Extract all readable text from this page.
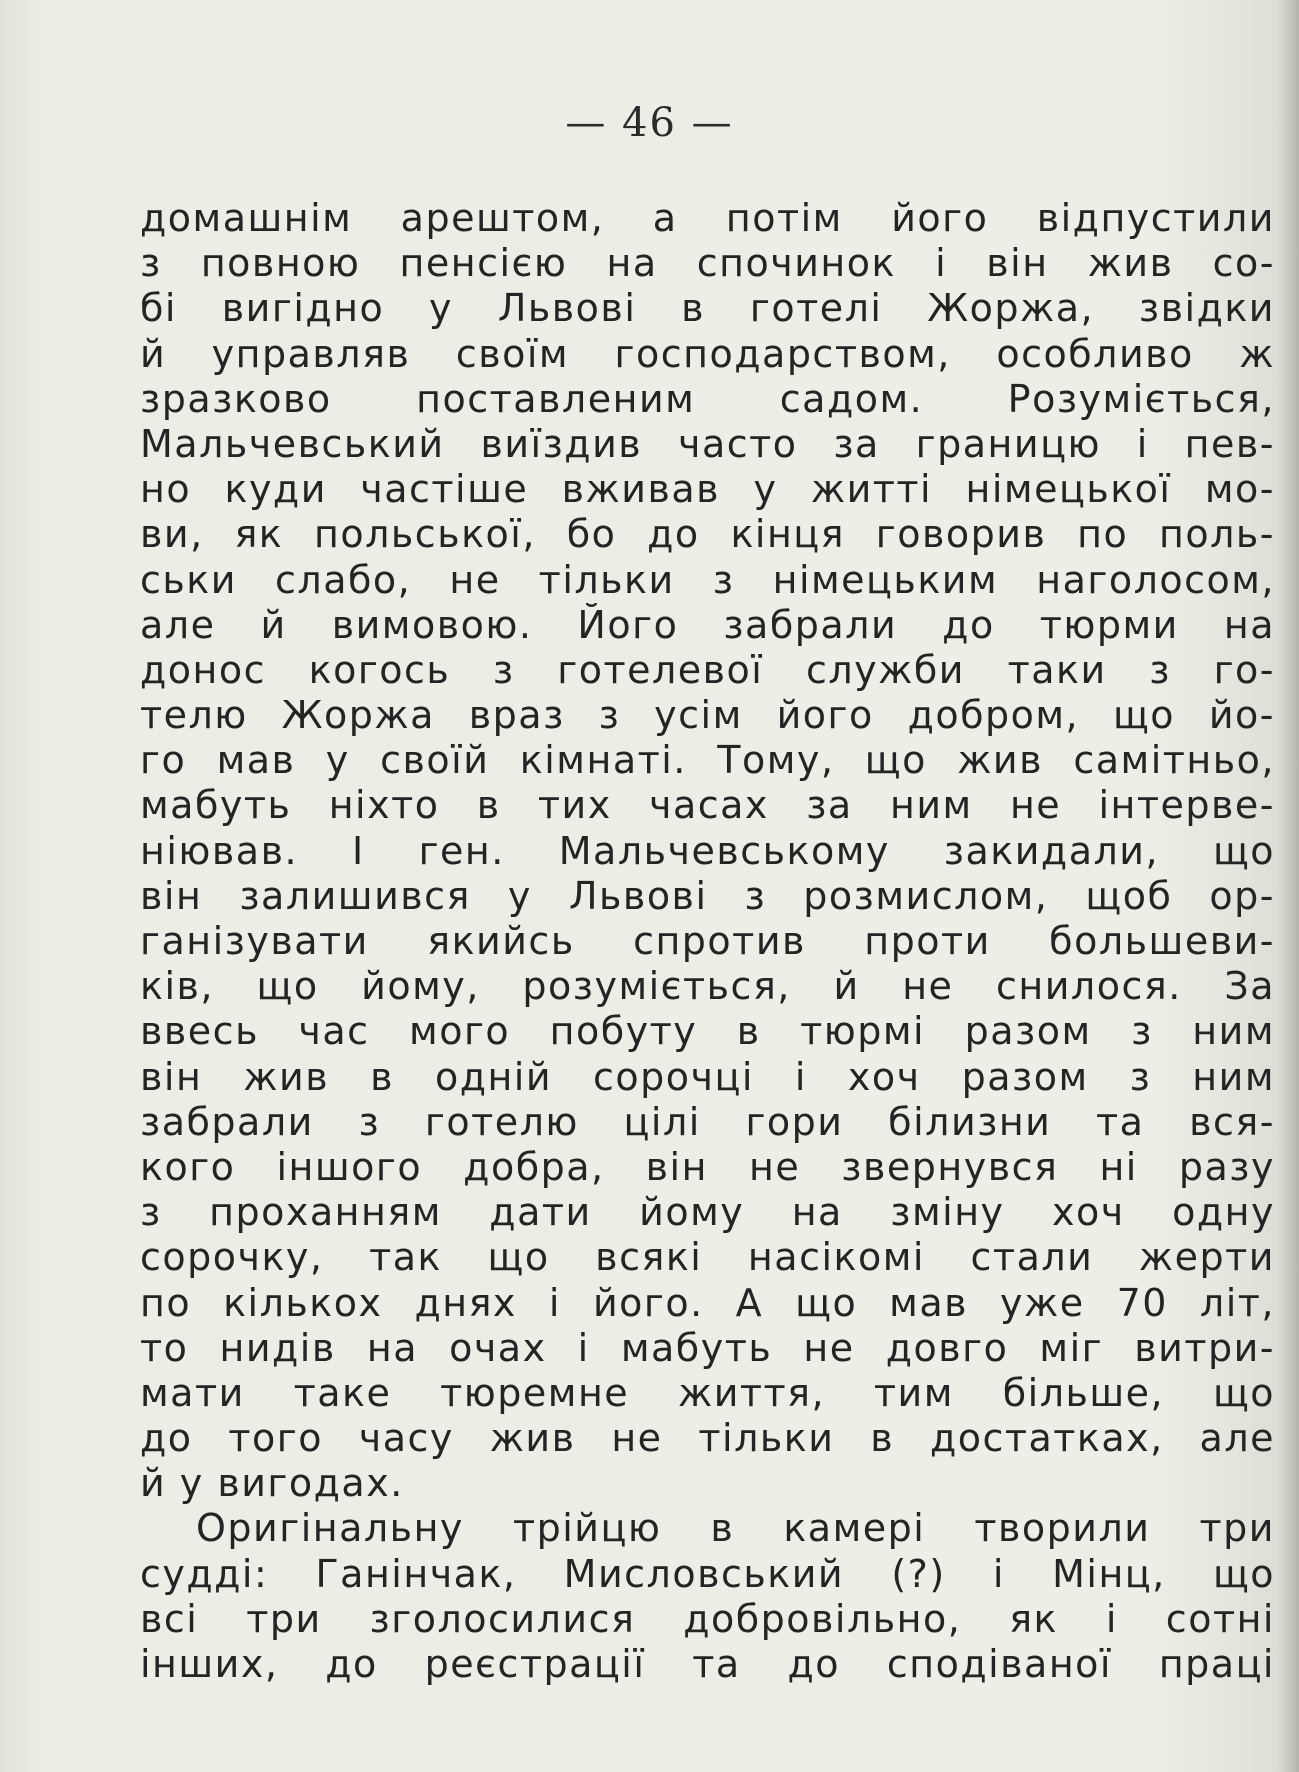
— 46 —
домашнім арештом, а потім його відпустили
з повною пенсією на спочинок і він жив со-
бі вигідно у Львові в готелі Жоржа, звідки
й управляв своїм господарством, особливо ж
зразково поставленим садом. Розуміється,
Мальчевський виїздив часто за границю і пев-
но куди частіше вживав у житті німецької мо-
ви, як польської, бо до кінця говорив по поль-
ськи слабо, не тільки з німецьким наголосом,
але й вимовою. Його забрали до тюрми на
донос когось з готелевої служби таки з го-
телю Жоржа враз з усім його добром, що йо-
го мав у своїй кімнаті. Тому, що жив самітньо,
мабуть ніхто в тих часах за ним не інтерве-
ніював. І ген. Мальчевському закидали, що
він залишився у Львові з розмислом, щоб ор-
ганізувати якийсь спротив проти большеви-
ків, що йому, розуміється, й не снилося. За
ввесь час мого побуту в тюрмі разом з ним
він жив в одній сорочці і хоч разом з ним
забрали з готелю цілі гори білизни та вся-
кого іншого добра, він не звернувся ні разу
з проханням дати йому на зміну хоч одну
сорочку, так що всякі насікомі стали жерти
по кількох днях і його. А що мав уже 70 літ,
то нидів на очах і мабуть не довго міг витри-
мати таке тюремне життя, тим більше, що
до того часу жив не тільки в достатках, але
й у вигодах.
Оригінальну трійцю в камері творили три
судді: Ганінчак, Мисловський (?) і Мінц, що
всі три зголосилися добровільно, як і сотні
інших, до реєстрації та до сподіваної праці
